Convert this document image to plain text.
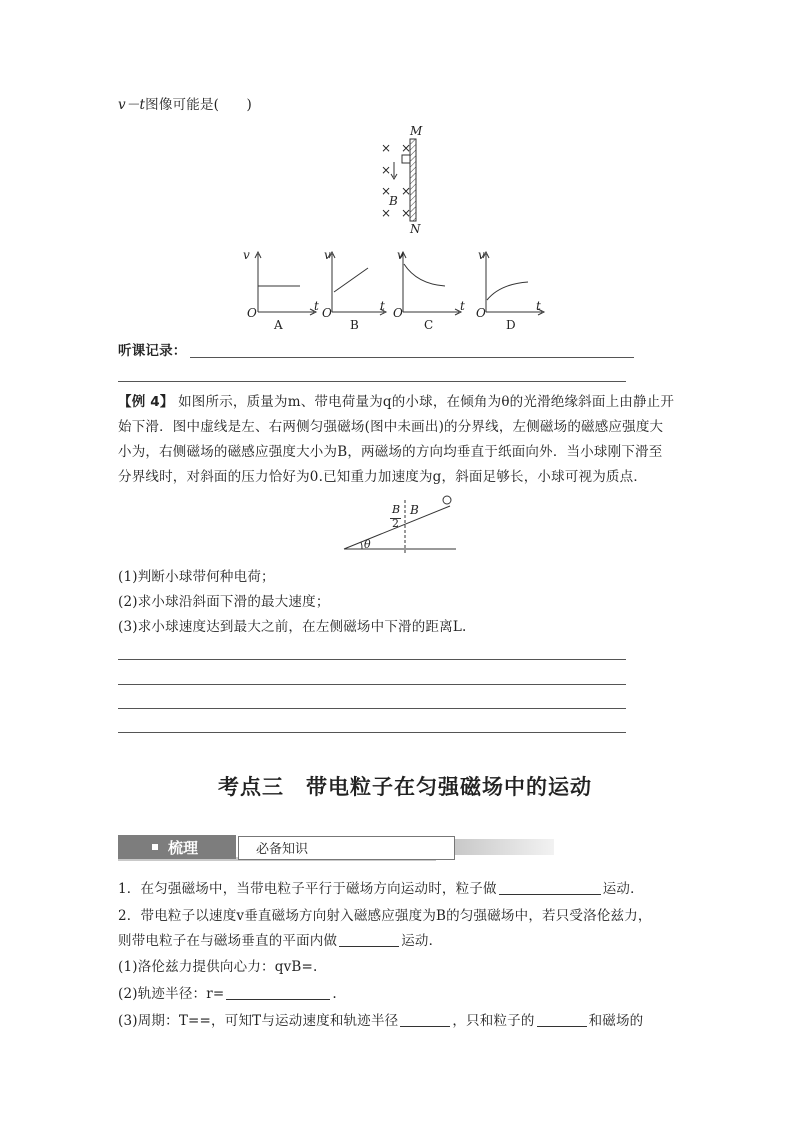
v－t图像可能是(　　)
M
N
B
× ×
×
× ×
× ×
v
t
O
A
v
t
O
B
v
t
O
C
v
t
O
D
听课记录：
【例 4】 如图所示，质量为m、带电荷量为q的小球，在倾角为θ的光滑绝缘斜面上由静止开
始下滑．图中虚线是左、右两侧匀强磁场(图中未画出)的分界线，左侧磁场的磁感应强度大
小为，右侧磁场的磁感应强度大小为B，两磁场的方向均垂直于纸面向外．当小球刚下滑至
分界线时，对斜面的压力恰好为0.已知重力加速度为g，斜面足够长，小球可视为质点．
B
2
B
θ
(1)判断小球带何种电荷；
(2)求小球沿斜面下滑的最大速度；
(3)求小球速度达到最大之前，在左侧磁场中下滑的距离L.
考点三　带电粒子在匀强磁场中的运动
梳理	必备知识
1．在匀强磁场中，当带电粒子平行于磁场方向运动时，粒子做	运动．
2．带电粒子以速度v垂直磁场方向射入磁感应强度为B的匀强磁场中，若只受洛伦兹力，
则带电粒子在与磁场垂直的平面内做	运动．
(1)洛伦兹力提供向心力：qvB=.
(2)轨迹半径：r=	.
(3)周期：T==，可知T与运动速度和轨迹半径	，只和粒子的	和磁场的
